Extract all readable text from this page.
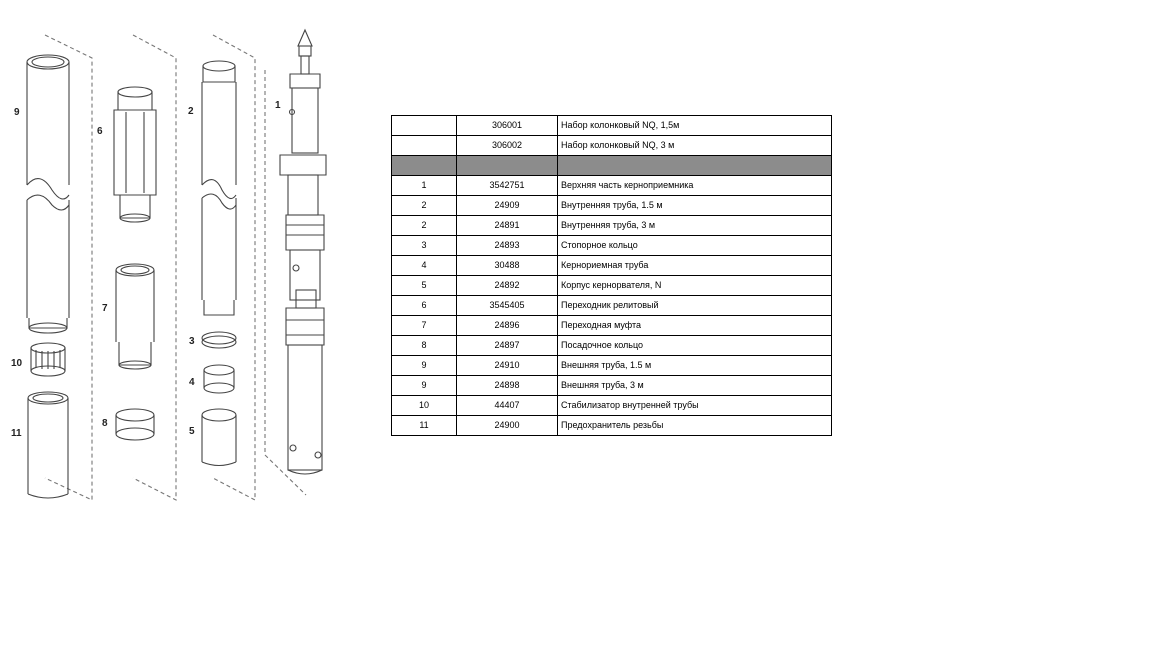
1
2
3
4
5
6
7
8
9
10
11
	306001	Набор колонковый NQ, 1,5м
	306002	Набор колонковый NQ, 3 м

1	3542751	Верхняя часть керноприемника
2	24909	Внутренняя труба, 1.5 м
2	24891	Внутренняя труба, 3 м
3	24893	Стопорное кольцо
4	30488	Кернориемная труба
5	24892	Корпус кернорвателя, N
6	3545405	Переходник релитовый
7	24896	Переходная муфта
8	24897	Посадочное кольцо
9	24910	Внешняя труба, 1.5 м
9	24898	Внешняя труба, 3 м
10	44407	Стабилизатор внутренней трубы
11	24900	Предохранитель резьбы
